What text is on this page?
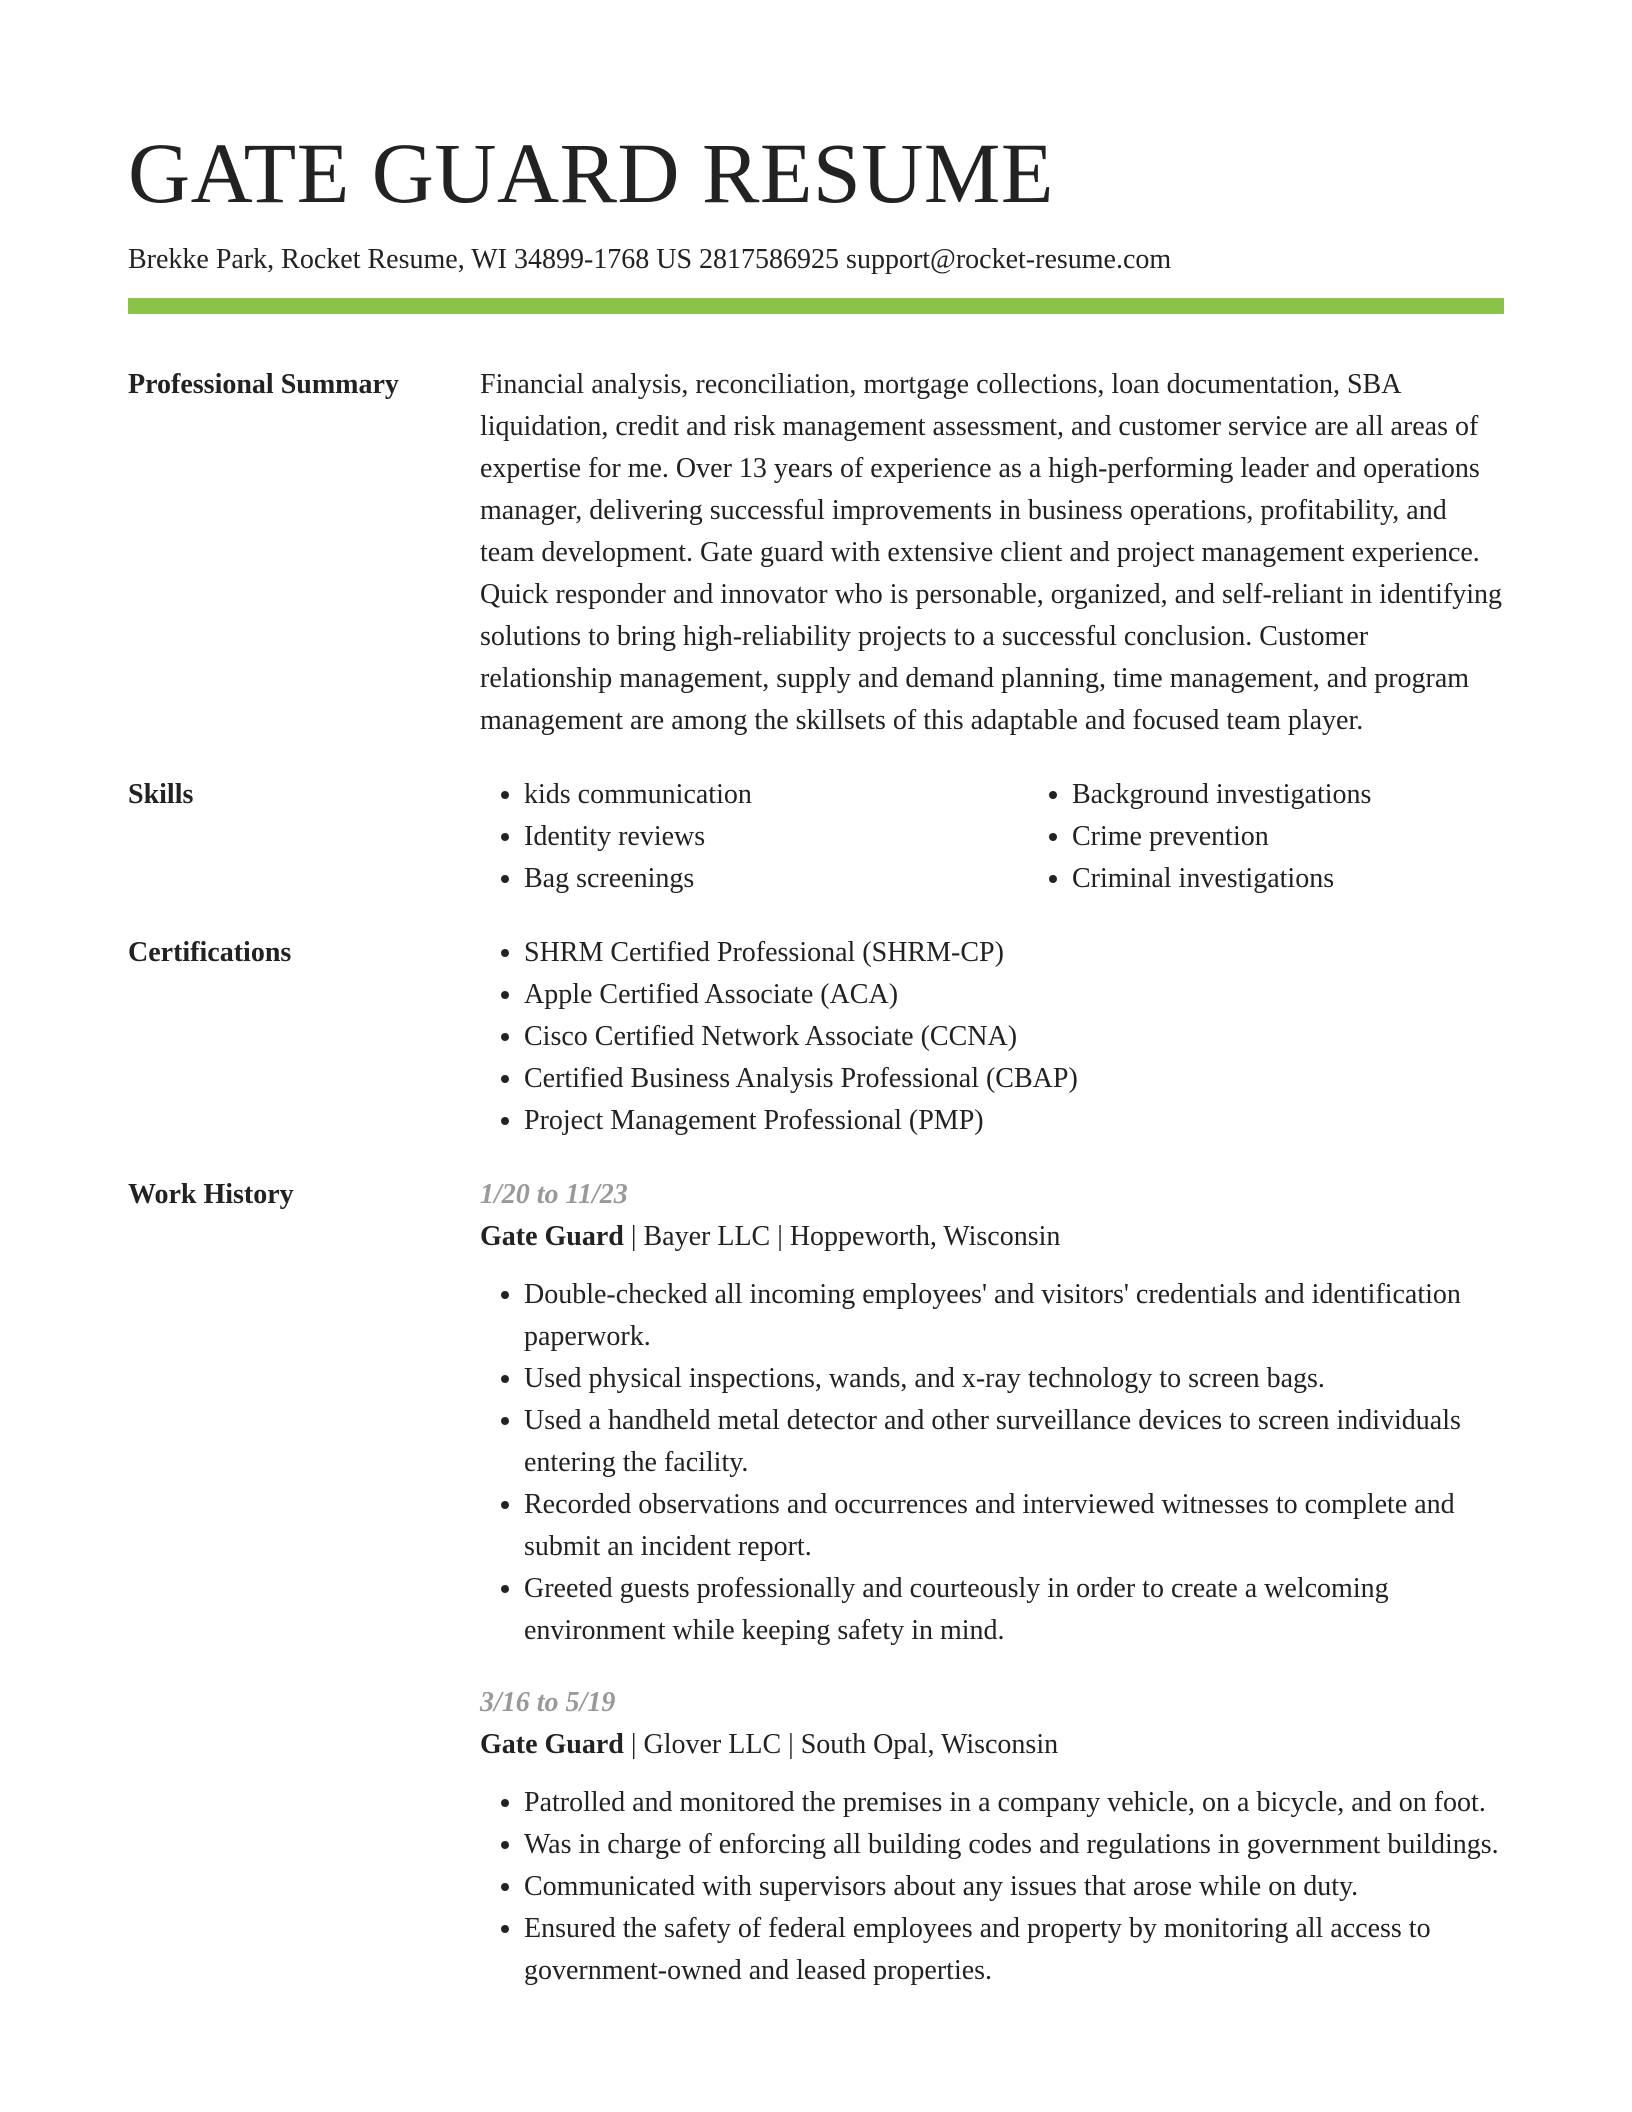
GATE GUARD RESUME
Brekke Park, Rocket Resume, WI 34899-1768 US 2817586925 support@rocket-resume.com
Professional Summary	Financial analysis, reconciliation, mortgage collections, loan documentation, SBA liquidation, credit and risk management assessment, and customer service are all areas of expertise for me. Over 13 years of experience as a high-performing leader and operations manager, delivering successful improvements in business operations, profitability, and team development. Gate guard with extensive client and project management experience. Quick responder and innovator who is personable, organized, and self-reliant in identifying solutions to bring high-reliability projects to a successful conclusion. Customer relationship management, supply and demand planning, time management, and program management are among the skillsets of this adaptable and focused team player.

Skills	• kids communication
• Identity reviews
• Bag screenings
• Background investigations
• Crime prevention
• Criminal investigations
Certifications	• SHRM Certified Professional (SHRM-CP)
• Apple Certified Associate (ACA)
• Cisco Certified Network Associate (CCNA)
• Certified Business Analysis Professional (CBAP)
• Project Management Professional (PMP)
Work History	1/20 to 11/23
Gate Guard | Bayer LLC | Hoppeworth, Wisconsin
• Double-checked all incoming employees' and visitors' credentials and identification paperwork.
• Used physical inspections, wands, and x-ray technology to screen bags.
• Used a handheld metal detector and other surveillance devices to screen individuals entering the facility.
• Recorded observations and occurrences and interviewed witnesses to complete and submit an incident report.
• Greeted guests professionally and courteously in order to create a welcoming environment while keeping safety in mind.
3/16 to 5/19
Gate Guard | Glover LLC | South Opal, Wisconsin
• Patrolled and monitored the premises in a company vehicle, on a bicycle, and on foot.
• Was in charge of enforcing all building codes and regulations in government buildings.
• Communicated with supervisors about any issues that arose while on duty.
• Ensured the safety of federal employees and property by monitoring all access to government-owned and leased properties.
